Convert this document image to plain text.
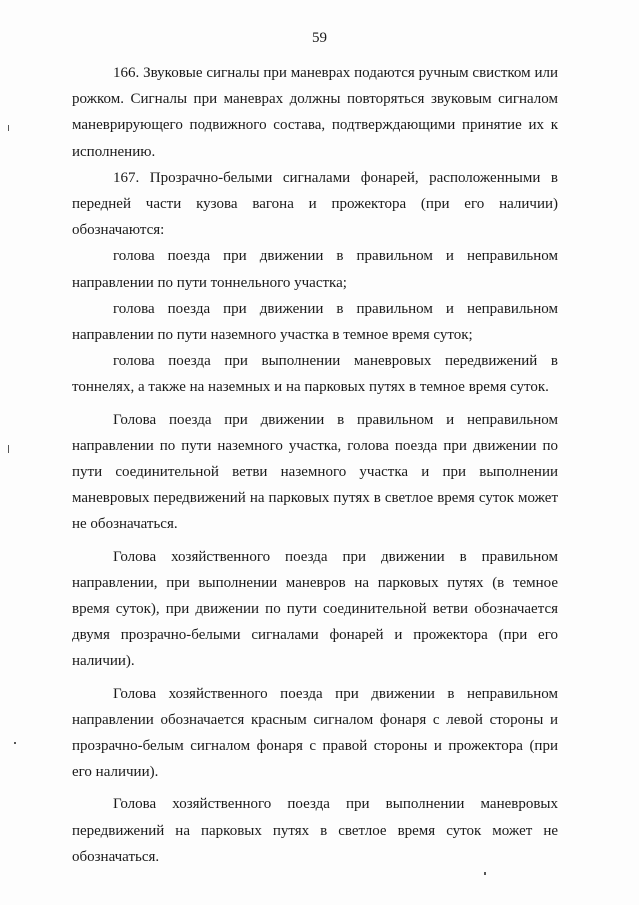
59

166. Звуковые сигналы при маневрах подаются ручным свистком или рожком. Сигналы при маневрах должны повторяться звуковым сигналом маневрирующего подвижного состава, подтверждающими принятие их к исполнению.

167. Прозрачно-белыми сигналами фонарей, расположенными в передней части кузова вагона и прожектора (при его наличии) обозначаются:

голова поезда при движении в правильном и неправильном направлении по пути тоннельного участка;

голова поезда при движении в правильном и неправильном направлении по пути наземного участка в темное время суток;

голова поезда при выполнении маневровых передвижений в тоннелях, а также на наземных и на парковых путях в темное время суток.

Голова поезда при движении в правильном и неправильном направлении по пути наземного участка, голова поезда при движении по пути соединительной ветви наземного участка и при выполнении маневровых передвижений на парковых путях в светлое время суток может не обозначаться.

Голова хозяйственного поезда при движении в правильном направлении, при выполнении маневров на парковых путях (в темное время суток), при движении по пути соединительной ветви обозначается двумя прозрачно-белыми сигналами фонарей и прожектора (при его наличии).

Голова хозяйственного поезда при движении в неправильном направлении обозначается красным сигналом фонаря с левой стороны и прозрачно-белым сигналом фонаря с правой стороны и прожектора (при его наличии).

Голова хозяйственного поезда при выполнении маневровых передвижений на парковых путях в светлое время суток может не обозначаться.
